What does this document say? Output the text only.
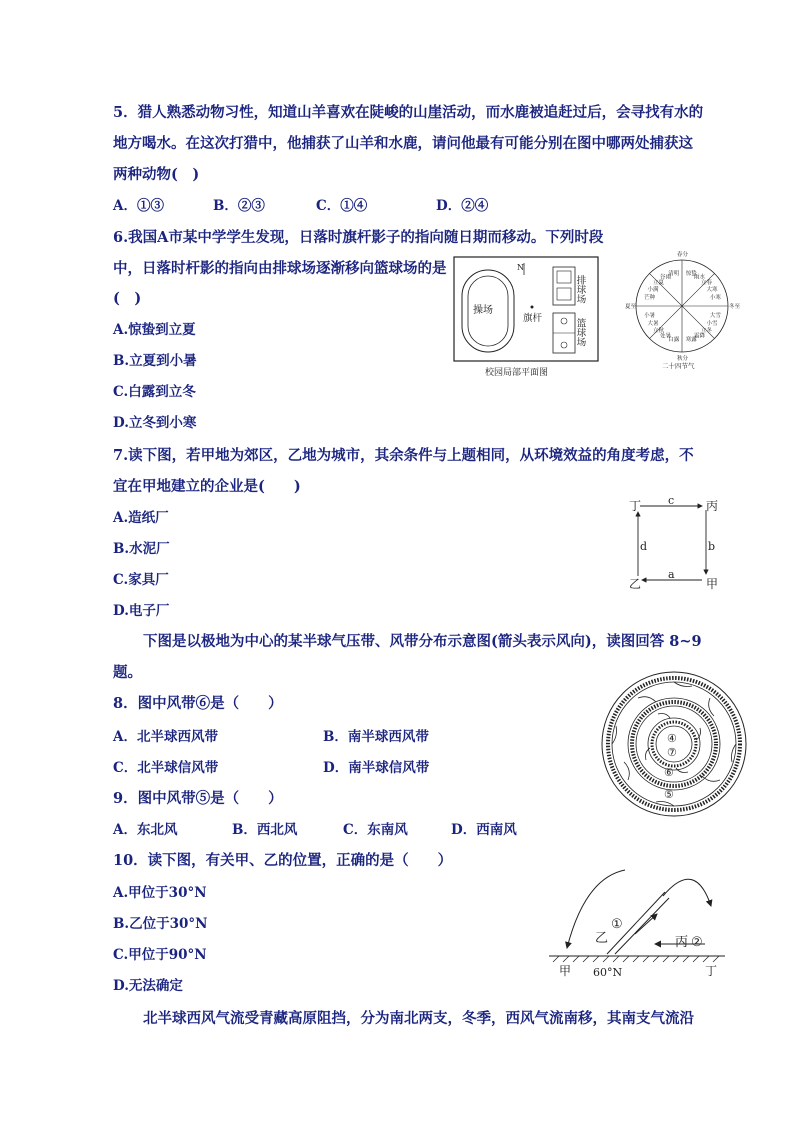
5．猎人熟悉动物习性，知道山羊喜欢在陡峻的山崖活动，而水鹿被追赶过后，会寻找有水的
地方喝水。在这次打猎中，他捕获了山羊和水鹿，请问他最有可能分别在图中哪两处捕获这
两种动物(　)
A．①③	B．②③	C．①④	D．②④
6.我国A市某中学学生发现，日落时旗杆影子的指向随日期而移动。下列时段
中，日落时杆影的指向由排球场逐渐移向篮球场的是
(　)
A.惊蛰到立夏
B.立夏到小暑
C.白露到立冬
D.立冬到小寒
操场
N
旗杆
排球场
篮球场
校园局部平面图
春分
清明
谷雨
立夏
小满
芒种
夏至
小暑
大暑
立秋
处暑
白露
秋分
寒露
霜降
立冬
小雪
大雪
冬至
小寒
大寒
立春
雨水
惊蛰
二十四节气
7.读下图，若甲地为郊区，乙地为城市，其余条件与上题相同，从环境效益的角度考虑，不
宜在甲地建立的企业是(　　)
A.造纸厂
B.水泥厂
C.家具厂
D.电子厂
丁	丙
乙	甲
c
b
d
a
下图是以极地为中心的某半球气压带、风带分布示意图(箭头表示风向)，读图回答 8~9
题。
8．图中风带⑥是（　　）
A．北半球西风带	B．南半球西风带
C．北半球信风带	D．南半球信风带
9．图中风带⑤是（　　）
A．东北风	B．西北风	C．东南风	D．西南风
④
⑦
⑥
⑤
10．读下图，有关甲、乙的位置，正确的是（　　）
A.甲位于30°N
B.乙位于30°N
C.甲位于90°N
D.无法确定
乙
①
丙 ②
甲 60°N	丁
北半球西风气流受青藏高原阻挡，分为南北两支，冬季，西风气流南移，其南支气流沿
